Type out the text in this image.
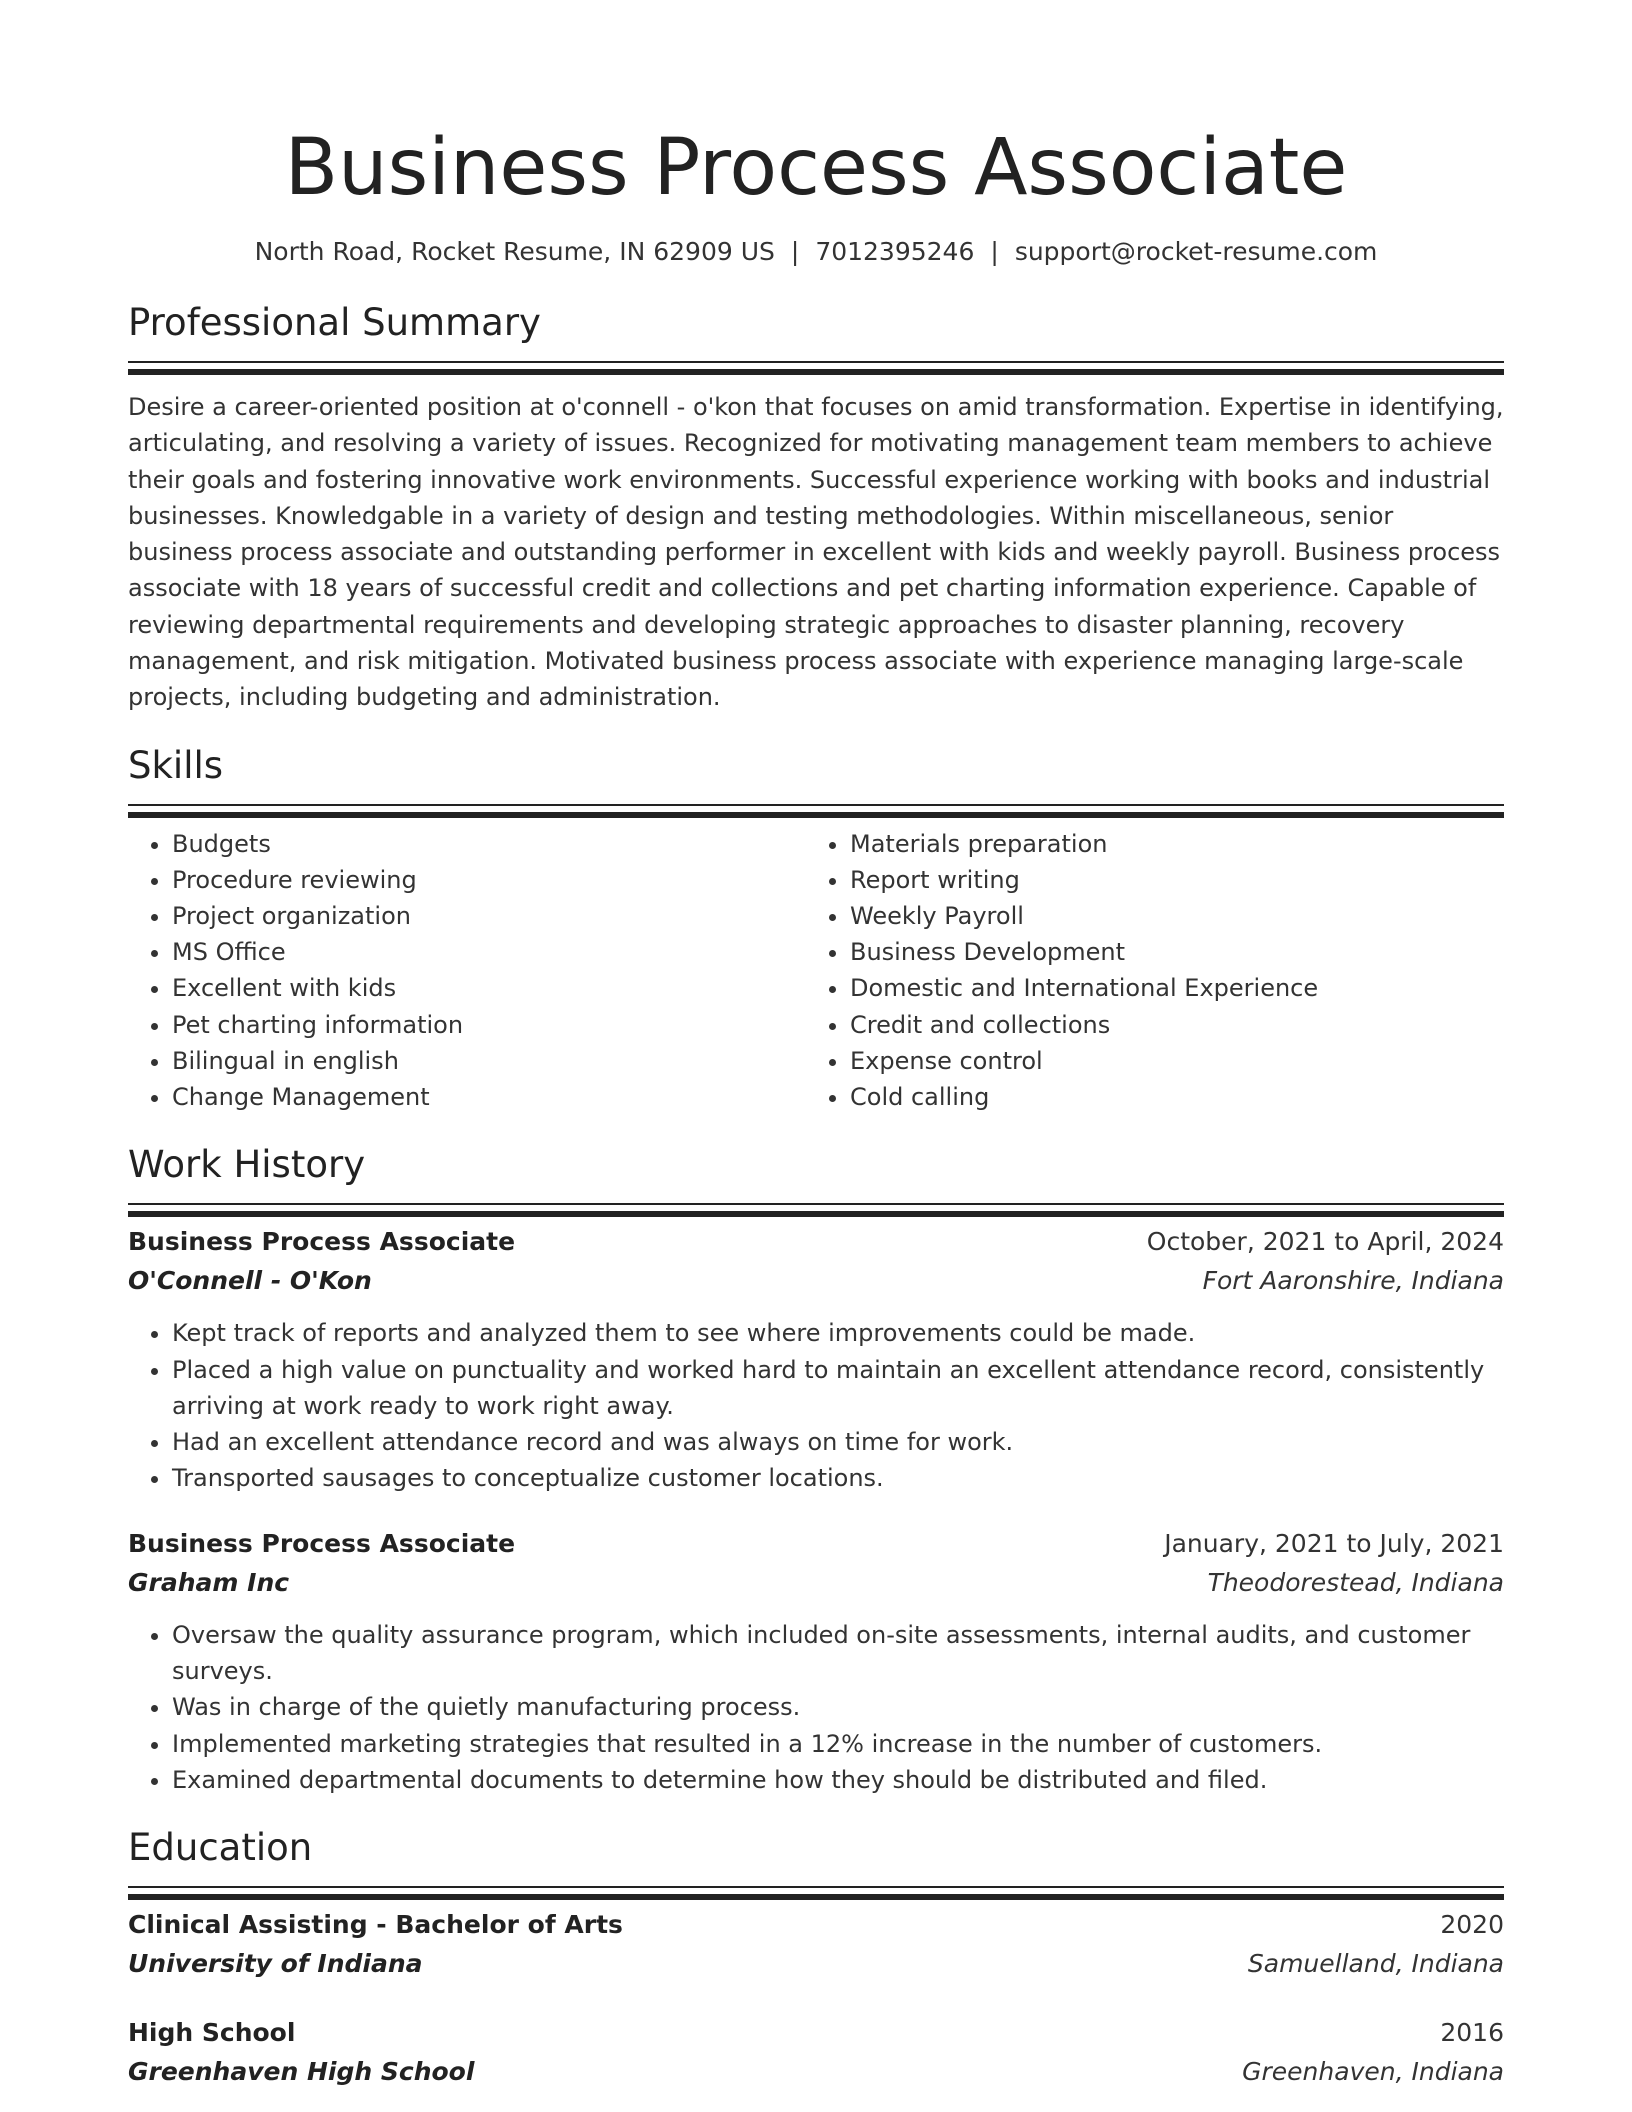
Business Process Associate
North Road, Rocket Resume, IN 62909 US | 7012395246 | support@rocket-resume.com
Professional Summary

Desire a career-oriented position at o'connell - o'kon that focuses on amid transformation. Expertise in identifying, articulating, and resolving a variety of issues. Recognized for motivating management team members to achieve their goals and fostering innovative work environments. Successful experience working with books and industrial businesses. Knowledgable in a variety of design and testing methodologies. Within miscellaneous, senior business process associate and outstanding performer in excellent with kids and weekly payroll. Business process associate with 18 years of successful credit and collections and pet charting information experience. Capable of reviewing departmental requirements and developing strategic approaches to disaster planning, recovery management, and risk mitigation. Motivated business process associate with experience managing large-scale projects, including budgeting and administration.

Skills
• Budgets
• Procedure reviewing
• Project organization
• MS Office
• Excellent with kids
• Pet charting information
• Bilingual in english
• Change Management
• Materials preparation
• Report writing
• Weekly Payroll
• Business Development
• Domestic and International Experience
• Credit and collections
• Expense control
• Cold calling
Work History
Business Process Associate	October, 2021 to April, 2024
O'Connell - O'Kon	Fort Aaronshire, Indiana
• Kept track of reports and analyzed them to see where improvements could be made.
• Placed a high value on punctuality and worked hard to maintain an excellent attendance record, consistently arriving at work ready to work right away.
• Had an excellent attendance record and was always on time for work.
• Transported sausages to conceptualize customer locations.
Business Process Associate	January, 2021 to July, 2021
Graham Inc	Theodorestead, Indiana
• Oversaw the quality assurance program, which included on-site assessments, internal audits, and customer surveys.
• Was in charge of the quietly manufacturing process.
• Implemented marketing strategies that resulted in a 12% increase in the number of customers.
• Examined departmental documents to determine how they should be distributed and filed.
Education
Clinical Assisting - Bachelor of Arts	2020
University of Indiana	Samuelland, Indiana
High School	2016
Greenhaven High School	Greenhaven, Indiana
